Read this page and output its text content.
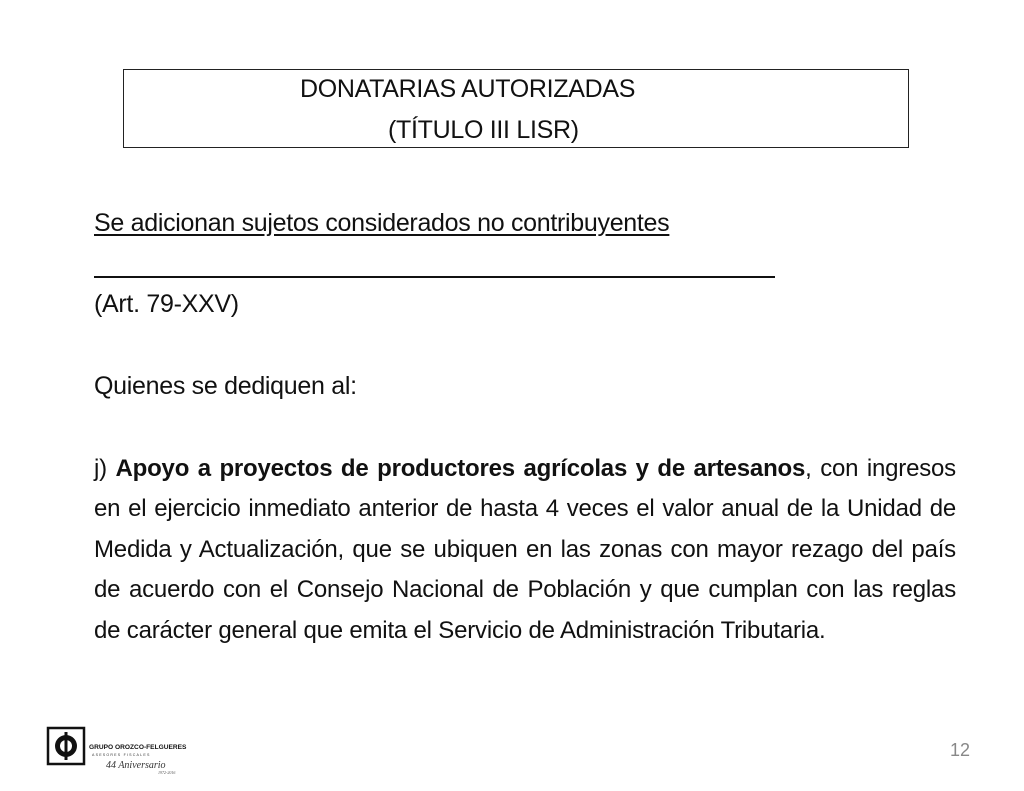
DONATARIAS AUTORIZADAS
(TÍTULO III LISR)
Se adicionan sujetos considerados no contribuyentes
(Art. 79-XXV)
Quienes se dediquen al:
j) Apoyo a proyectos de productores agrícolas y de artesanos, con ingresos en el ejercicio inmediato anterior de hasta 4 veces el valor anual de la Unidad de Medida y Actualización, que se ubiquen en las zonas con mayor rezago del país de acuerdo con el Consejo Nacional de Población y que cumplan con las reglas de carácter general que emita el Servicio de Administración Tributaria.
GRUPO OROZCO-FELGUERES
ASESORES FISCALES
44 Aniversario
1972-2016
12
